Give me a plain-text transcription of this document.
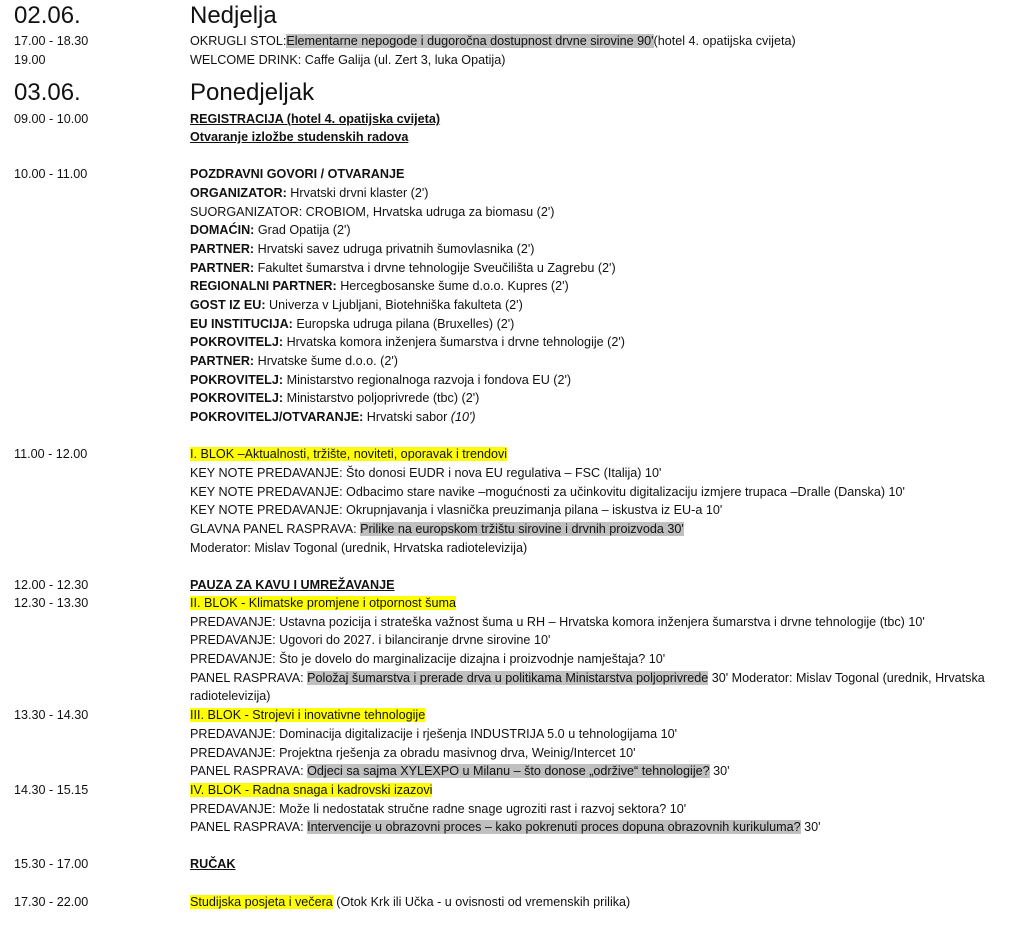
02.06.	Nedjelja
17.00 - 18.30	OKRUGLI STOL:Elementarne nepogode i dugoročna dostupnost drvne sirovine 90'(hotel 4. opatijska cvijeta)
19.00	WELCOME DRINK: Caffe Galija (ul. Zert 3, luka Opatija)
03.06.	Ponedjeljak
09.00 - 10.00	REGISTRACIJA (hotel 4. opatijska cvijeta)
Otvaranje izložbe studenskih radova
10.00 - 11.00	POZDRAVNI GOVORI / OTVARANJE
ORGANIZATOR: Hrvatski drvni klaster (2')
SUORGANIZATOR: CROBIOM, Hrvatska udruga za biomasu (2')
DOMAĆIN: Grad Opatija (2')
PARTNER: Hrvatski savez udruga privatnih šumovlasnika (2')
PARTNER: Fakultet šumarstva i drvne tehnologije Sveučilišta u Zagrebu (2')
REGIONALNI PARTNER: Hercegbosanske šume d.o.o. Kupres (2')
GOST IZ EU: Univerza v Ljubljani, Biotehniška fakulteta (2')
EU INSTITUCIJA: Europska udruga pilana (Bruxelles) (2')
POKROVITELJ: Hrvatska komora inženjera šumarstva i drvne tehnologije (2')
PARTNER: Hrvatske šume d.o.o. (2')
POKROVITELJ: Ministarstvo regionalnoga razvoja i fondova EU (2')
POKROVITELJ: Ministarstvo poljoprivrede (tbc) (2')
POKROVITELJ/OTVARANJE: Hrvatski sabor (10')
11.00 - 12.00	I. BLOK –Aktualnosti, tržište, noviteti, oporavak i trendovi
KEY NOTE PREDAVANJE: Što donosi EUDR i nova EU regulativa – FSC (Italija) 10'
KEY NOTE PREDAVANJE: Odbacimo stare navike –mogućnosti za učinkovitu digitalizaciju izmjere trupaca –Dralle (Danska) 10'
KEY NOTE PREDAVANJE: Okrupnjavanja i vlasnička preuzimanja pilana – iskustva iz EU-a 10'
GLAVNA PANEL RASPRAVA: Prilike na europskom tržištu sirovine i drvnih proizvoda 30'
Moderator: Mislav Togonal (urednik, Hrvatska radiotelevizija)
12.00 - 12.30	PAUZA ZA KAVU I UMREŽAVANJE
12.30 - 13.30	II. BLOK - Klimatske promjene i otpornost šuma
PREDAVANJE: Ustavna pozicija i strateška važnost šuma u RH – Hrvatska komora inženjera šumarstva i drvne tehnologije (tbc) 10'
PREDAVANJE: Ugovori do 2027. i bilanciranje drvne sirovine 10'
PREDAVANJE: Što je dovelo do marginalizacije dizajna i proizvodnje namještaja? 10'
PANEL RASPRAVA: Položaj šumarstva i prerade drva u politikama Ministarstva poljoprivrede 30' Moderator: Mislav Togonal (urednik, Hrvatska radiotelevizija)
13.30 - 14.30	III. BLOK - Strojevi i inovativne tehnologije
PREDAVANJE: Dominacija digitalizacije i rješenja INDUSTRIJA 5.0 u tehnologijama 10'
PREDAVANJE: Projektna rješenja za obradu masivnog drva, Weinig/Intercet 10'
PANEL RASPRAVA: Odjeci sa sajma XYLEXPO u Milanu – što donose „održive“ tehnologije? 30'
14.30 - 15.15	IV. BLOK - Radna snaga i kadrovski izazovi
PREDAVANJE: Može li nedostatak stručne radne snage ugroziti rast i razvoj sektora? 10'
PANEL RASPRAVA: Intervencije u obrazovni proces – kako pokrenuti proces dopuna obrazovnih kurikuluma? 30'
15.30 - 17.00	RUČAK
17.30 - 22.00	Studijska posjeta i večera (Otok Krk ili Učka - u ovisnosti od vremenskih prilika)
